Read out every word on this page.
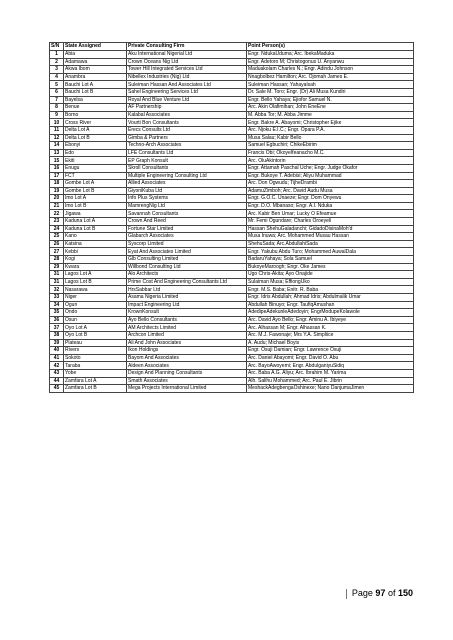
S/N	State Assigned	Private Consulting Firm	Point Person(s)
1	Abia	Aku International Nigerial Ltd	Engr. NdukaUduma; Arc. IbekaMaduka
2	Adamawa	Crown Oceans Nig Ltd	Engr. Adetoro M; Christogonus U. Anyanwu
3	Akwa Ibom	Tower Hill Integrated Services Ltd	Maduakolam Charles N.; Engr. Adindu Johnson
4	Anambra	Nibellex Industries (Nig) Ltd	Nnagbolbez Hamilton; Arc. Ojomah James E.
5	Bauchi Lot A	Suleiman Hassan And Associates Ltd	Suleiman Hassan; Yahayalsah
6	Bauchi Lot B	Sahel Engineering Services Ltd	Dr. Sale M. Toro; Engr. (Dr) Ali Musa Kundiri
7	Bayelsa	Royal And Blue Venture Ltd	Engr. Bello Yahaya; Ejiofor Samuel N.
8	Benue	AF Partnership	Arc. Akin Olafimihan; John EneEne
9	Borno	Kalabal Associates	M. Abba Tor; M. Abba Jimme
10	Cross River	Vourti Bon Consultants	Engr. Bakre A. Abayomi; Christopher Ejike
11	Delta Lot A	Erecs Consults Ltd	Arc. Njoku E.I.C.; Engr. Opara P.A.
12	Delta Lot B	Gimba & Partners	Musa Salau; Kabir Bello
14	Ebonyi	Techno-Arch Associates	Samuel Egbuchiri; ChikeEbirim
13	Edo	LFE Consultants Ltd	Francis Obi; OkoyeIfeanacho M.C.
15	Ekiti	EP Graph Konsult	Arc. OluAkintorin
16	Enugu	Skroll Consultants	Engr. Attamah Paschal Uche; Engr. Judge Okafor
17	FCT	Multiple Engineering Consulting Ltd	Engr. Bukoye T. Adebisi; Aliyu Muhammad
18	Gombe Lot A	Allied Associates	Arc. Don Ogwudu; TijheDrambi
19	Gombe Lot B	GiyoniKuba Ltd	AdamuZimboh; Arc. David Audu Musa
20	Imo Lot A	Info Plus Systems	Engr. G.O.C. Unaeze; Engr. Dom Onyewu
21	Imo Lot B	MamrengNig Ltd	Engr. D.O. Mbanaso; Engr. A.I. Nduka
22	Jigawa	Savannah Consultants	Arc. Kabir Ben Umar; Lucky O Efeamue
23	Kaduna Lot A	Crown And Reed	Mr. Femi Ogundare; Charles Oroeyeli
24	Kaduna Lot B	Fortune Star Limited	Hassan ShehuGaladanchi; GidadoDisinaMoh'd
25	Kano	Glabarch Associates	Musa Inuwa; Arc. Mohammed Musau Hassan
26	Katsina	Syscorp Limited	ShehuSada; Arc.AbdullahiSada
27	Kebbi	Eyat And Associates Limited	Engr. Yakubu Abdu Turo; Mohammed AuwalDala
28	Kogi	Glb Consulting Limited	BadaruYahaya; Sola Samuel
29	Kwara	Willbond Consulting Ltd	BukoyeMaroogh; Engr. Oke James
31	Lagos Lot A	Alo Architects	Ugo Chris-Akita; Ayo Onajide
31	Lagos Lot B	Prime Cost And Engineering Consultants Ltd	Sulaiman Musa; EffiongUko
32	Nasarawa	HrsSabbar Ltd	Engr. M.S. Baba; Enitr. R. Baba
33	Niger	Asama Nigeria Limited	Engr. Idris Abdullah; Ahmad Idris; Abdulmalik Umar
34	Ogun	Impact Engineering Ltd	Abdullah Binuyo; Engr. TaufiqAmushan
35	Ondo	KrownKonsult	AdedipeAdekunleAdedoyin; EngrModupeKolawole
36	Osun	Ayo Bello Consultants	Arc. David Ayo Bello; Engr. Aminu A. Ibiyeye
37	Oyo Lot A	AM Architects Limited	Arc. Alhassan M; Engr. Alhassan K.
38	Oyo Lot B	Archcon Limited	Arc. M.J. Fawonaje; Mrs Y.A. Simpliice
39	Plateau	Ali And John Associates	A. Audu; Michael Boyis
40	Rivers	Ikon Holdings	Engr. Osuji Damian; Engr. Lawrence Osuji
41	Sokoto	Bayom And Associates	Arc. Daniel Abayomi; Engr. David O. Abu
42	Taraba	Aldeen Associates	Arc. BayoAwoyemi; Engr. AbdulganiyuSidiq
43	Yobe	Design And Planning Consultants	Arc. Baba A.G. Aliyu; Arc. Ibrahim M. Yarima
44	Zamfara Lot A	Smath Associates	Alh. Salihu Mohammed; Arc. Paul E. Jibrin
45	Zamfara Lot B	Mega Projects International Limited	MeshackAdegbengaOshinexe; Nano DanjumaJimen
Page 97 of 150
